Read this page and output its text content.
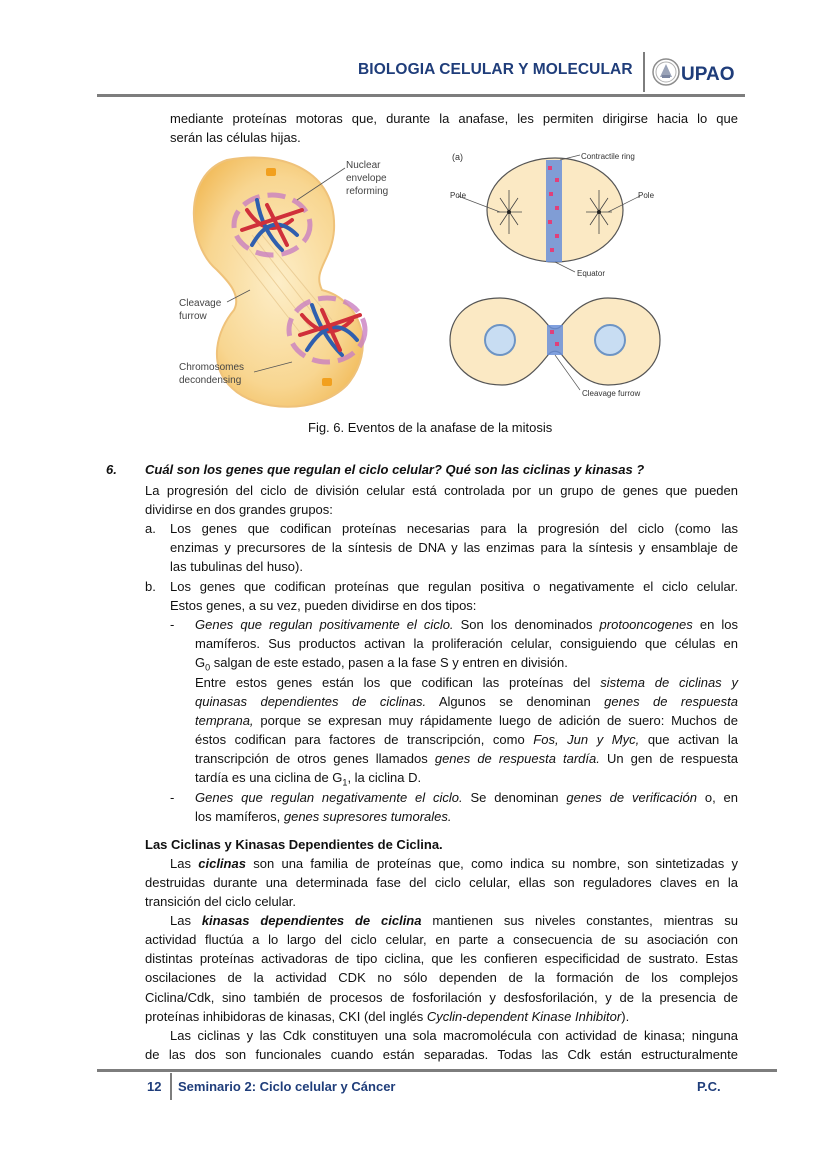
BIOLOGIA CELULAR Y MOLECULAR	UPAO
mediante proteínas motoras que, durante la anafase, les permiten dirigirse hacia lo que
serán las células hijas.
Nuclear
envelope
reforming
Cleavage
furrow
Chromosomes
decondensing
(a)	Contractile ring
Pole	Pole
Equator
Cleavage furrow
Fig. 6. Eventos de la anafase de la mitosis
6. Cuál son los genes que regulan el ciclo celular? Qué son las ciclinas y kinasas ?
La progresión del ciclo de división celular está controlada por un grupo de genes que pueden
dividirse en dos grandes grupos:
a. Los genes que codifican proteínas necesarias para la progresión del ciclo (como las
enzimas y precursores de la síntesis de DNA y las enzimas para la síntesis y ensamblaje de
las tubulinas del huso).
b. Los genes que codifican proteínas que regulan positiva o negativamente el ciclo celular.
Estos genes, a su vez, pueden dividirse en dos tipos:
- Genes que regulan positivamente el ciclo. Son los denominados protooncogenes en los
mamíferos. Sus productos activan la proliferación celular, consiguiendo que células en
$G_0$ salgan de este estado, pasen a la fase S y entren en división.
Entre estos genes están los que codifican las proteínas del sistema de ciclinas y
quinasas dependientes de ciclinas. Algunos se denominan genes de respuesta
temprana, porque se expresan muy rápidamente luego de adición de suero: Muchos de
éstos codifican para factores de transcripción, como Fos, Jun y Myc, que activan la
transcripción de otros genes llamados genes de respuesta tardía. Un gen de respuesta
tardía es una ciclina de $G_1$, la ciclina D.
- Genes que regulan negativamente el ciclo. Se denominan genes de verificación o, en
los mamíferos, genes supresores tumorales.
Las Ciclinas y Kinasas Dependientes de Ciclina.
Las ciclinas son una familia de proteínas que, como indica su nombre, son sintetizadas y
destruidas durante una determinada fase del ciclo celular, ellas son reguladores claves en la
transición del ciclo celular.
Las kinasas dependientes de ciclina mantienen sus niveles constantes, mientras su
actividad fluctúa a lo largo del ciclo celular, en parte a consecuencia de su asociación con
distintas proteínas activadoras de tipo ciclina, que les confieren especificidad de sustrato. Estas
oscilaciones de la actividad CDK no sólo dependen de la formación de los complejos
Ciclina/Cdk, sino también de procesos de fosforilación y desfosforilación, y de la presencia de
proteínas inhibidoras de kinasas, CKI (del inglés Cyclin-dependent Kinase Inhibitor).
Las ciclinas y las Cdk constituyen una sola macromolécula con actividad de kinasa; ninguna
de las dos son funcionales cuando están separadas. Todas las Cdk están estructuralmente
12 Seminario 2: Ciclo celular y Cáncer	P.C.
